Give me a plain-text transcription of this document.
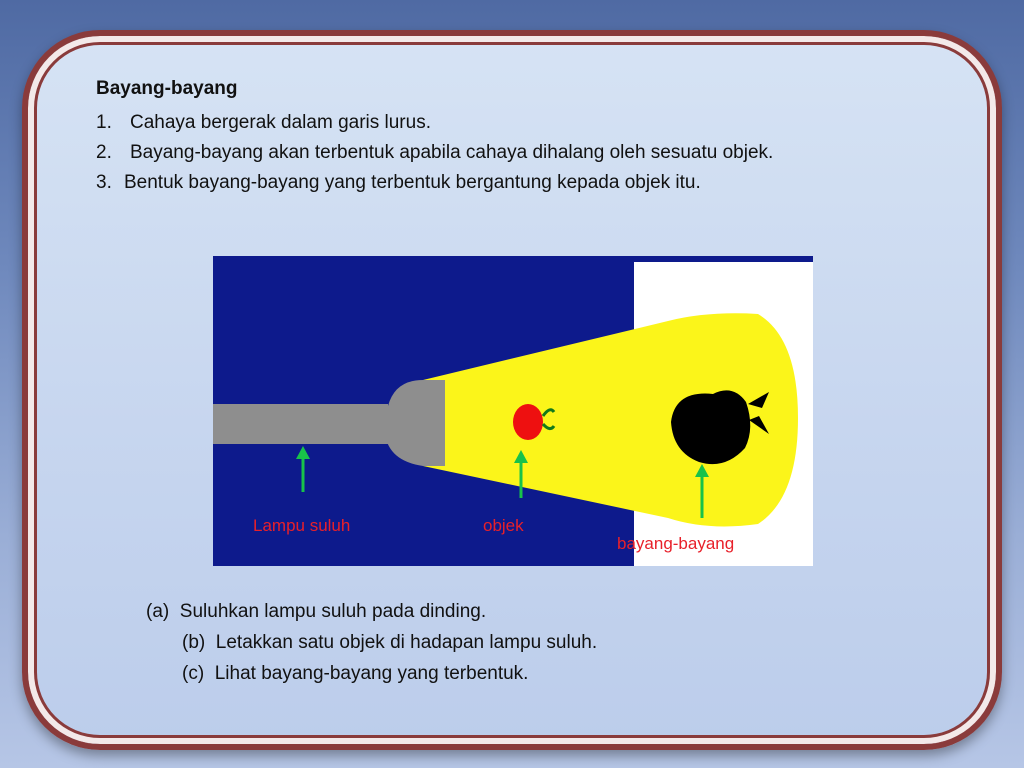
Bayang-bayang
1. Cahaya bergerak dalam garis lurus.
2. Bayang-bayang akan terbentuk apabila cahaya dihalang oleh sesuatu objek.
3. Bentuk bayang-bayang yang terbentuk bergantung kepada objek itu.
Lampu suluh	objek
bayang-bayang
(a) Suluhkan lampu suluh pada dinding.
(b) Letakkan satu objek di hadapan lampu suluh.
(c) Lihat bayang-bayang yang terbentuk.
